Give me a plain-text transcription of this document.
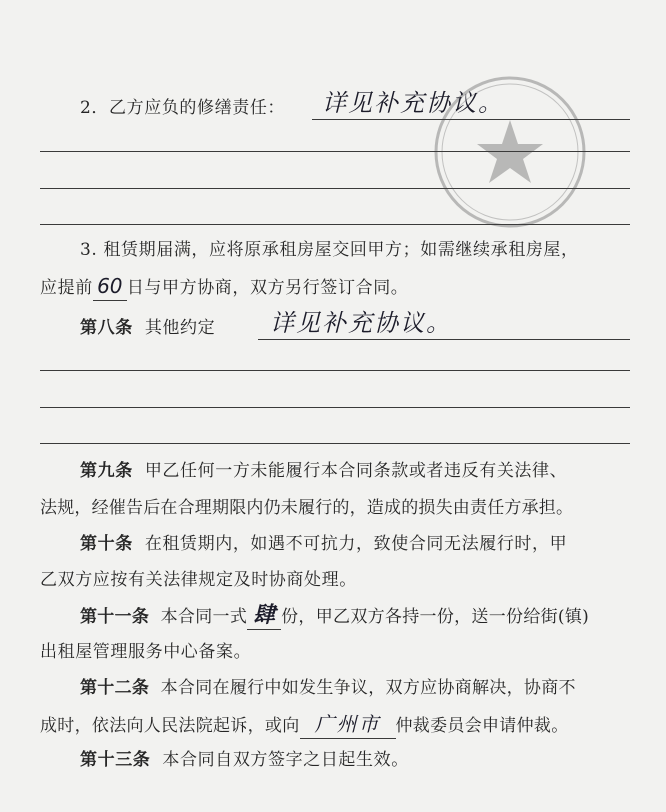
2．乙方应负的修缮责任： 详见补充协议。
3. 租赁期届满，应将原承租房屋交回甲方；如需继续承租房屋，
应提前 60 日与甲方协商，双方另行签订合同。
第八条 其他约定 详见补充协议。
第九条 甲乙任何一方未能履行本合同条款或者违反有关法律、
法规，经催告后在合理期限内仍未履行的，造成的损失由责任方承担。
第十条 在租赁期内，如遇不可抗力，致使合同无法履行时，甲
乙双方应按有关法律规定及时协商处理。
第十一条 本合同一式 肆 份，甲乙双方各持一份，送一份给街(镇)
出租屋管理服务中心备案。
第十二条 本合同在履行中如发生争议，双方应协商解决，协商不
成时，依法向人民法院起诉，或向 广州市 仲裁委员会申请仲裁。
第十三条 本合同自双方签字之日起生效。
